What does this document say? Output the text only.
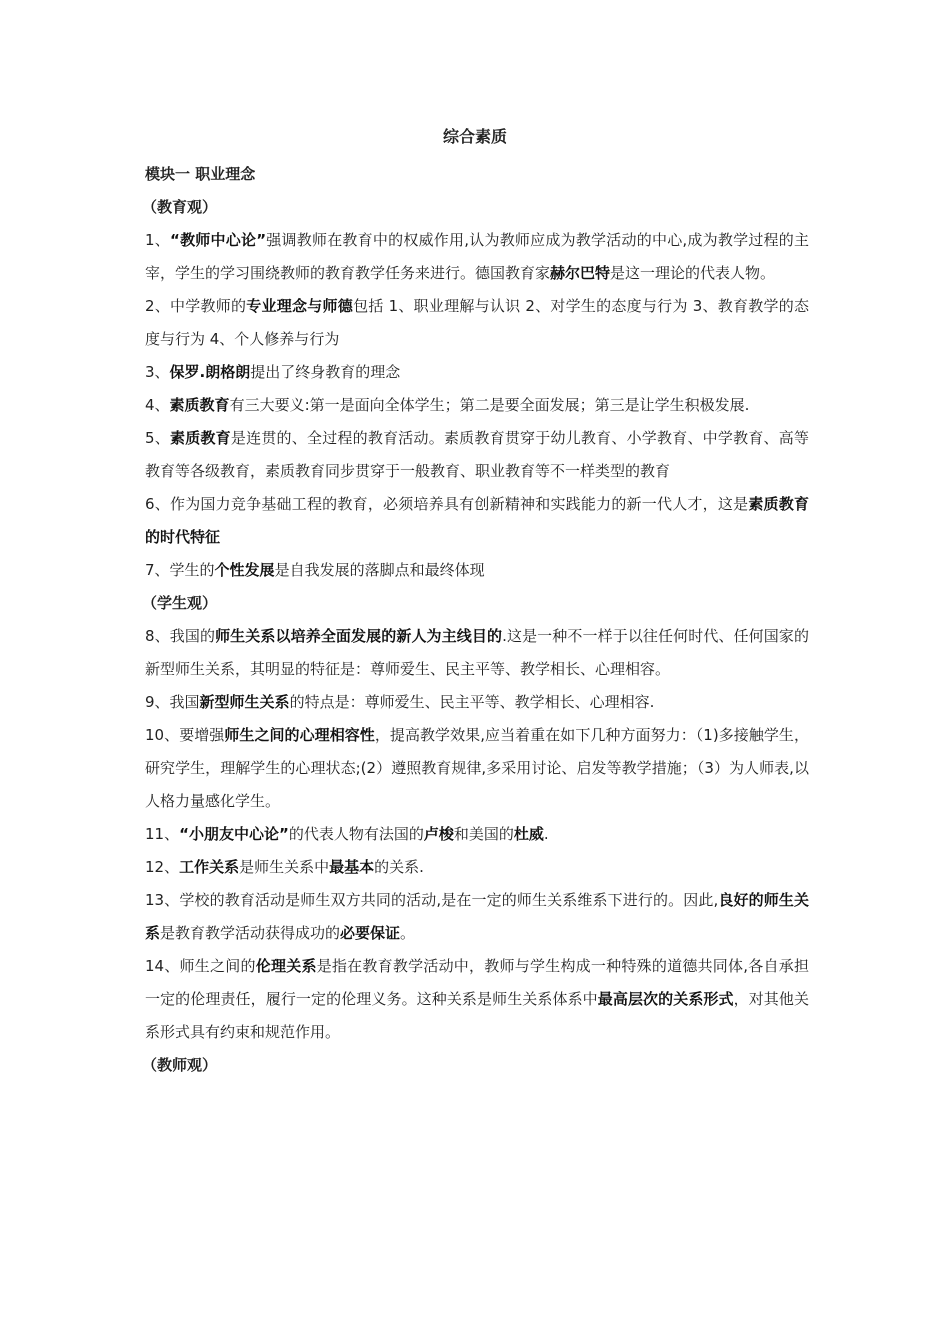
综合素质

模块一 职业理念

（教育观）

1、“教师中心论”强调教师在教育中的权威作用,认为教师应成为教学活动的中心,成为教学过程的主宰，学生的学习围绕教师的教育教学任务来进行。德国教育家赫尔巴特是这一理论的代表人物。

2、中学教师的专业理念与师德包括 1、职业理解与认识 2、对学生的态度与行为 3、教育教学的态度与行为 4、个人修养与行为

3、保罗.朗格朗提出了终身教育的理念

4、素质教育有三大要义:第一是面向全体学生；第二是要全面发展；第三是让学生积极发展.

5、素质教育是连贯的、全过程的教育活动。素质教育贯穿于幼儿教育、小学教育、中学教育、高等教育等各级教育，素质教育同步贯穿于一般教育、职业教育等不一样类型的教育

6、作为国力竞争基础工程的教育，必须培养具有创新精神和实践能力的新一代人才，这是素质教育的时代特征

7、学生的个性发展是自我发展的落脚点和最终体现

（学生观）

8、我国的师生关系以培养全面发展的新人为主线目的.这是一种不一样于以往任何时代、任何国家的新型师生关系，其明显的特征是：尊师爱生、民主平等、教学相长、心理相容。

9、我国新型师生关系的特点是：尊师爱生、民主平等、教学相长、心理相容.

10、要增强师生之间的心理相容性，提高教学效果,应当着重在如下几种方面努力：（1)多接触学生，研究学生，理解学生的心理状态;(2）遵照教育规律,多采用讨论、启发等教学措施；（3）为人师表,以人格力量感化学生。

11、“小朋友中心论”的代表人物有法国的卢梭和美国的杜威.

12、工作关系是师生关系中最基本的关系.

13、学校的教育活动是师生双方共同的活动,是在一定的师生关系维系下进行的。因此,良好的师生关系是教育教学活动获得成功的必要保证。

14、师生之间的伦理关系是指在教育教学活动中，教师与学生构成一种特殊的道德共同体,各自承担一定的伦理责任，履行一定的伦理义务。这种关系是师生关系体系中最高层次的关系形式，对其他关系形式具有约束和规范作用。

（教师观）
